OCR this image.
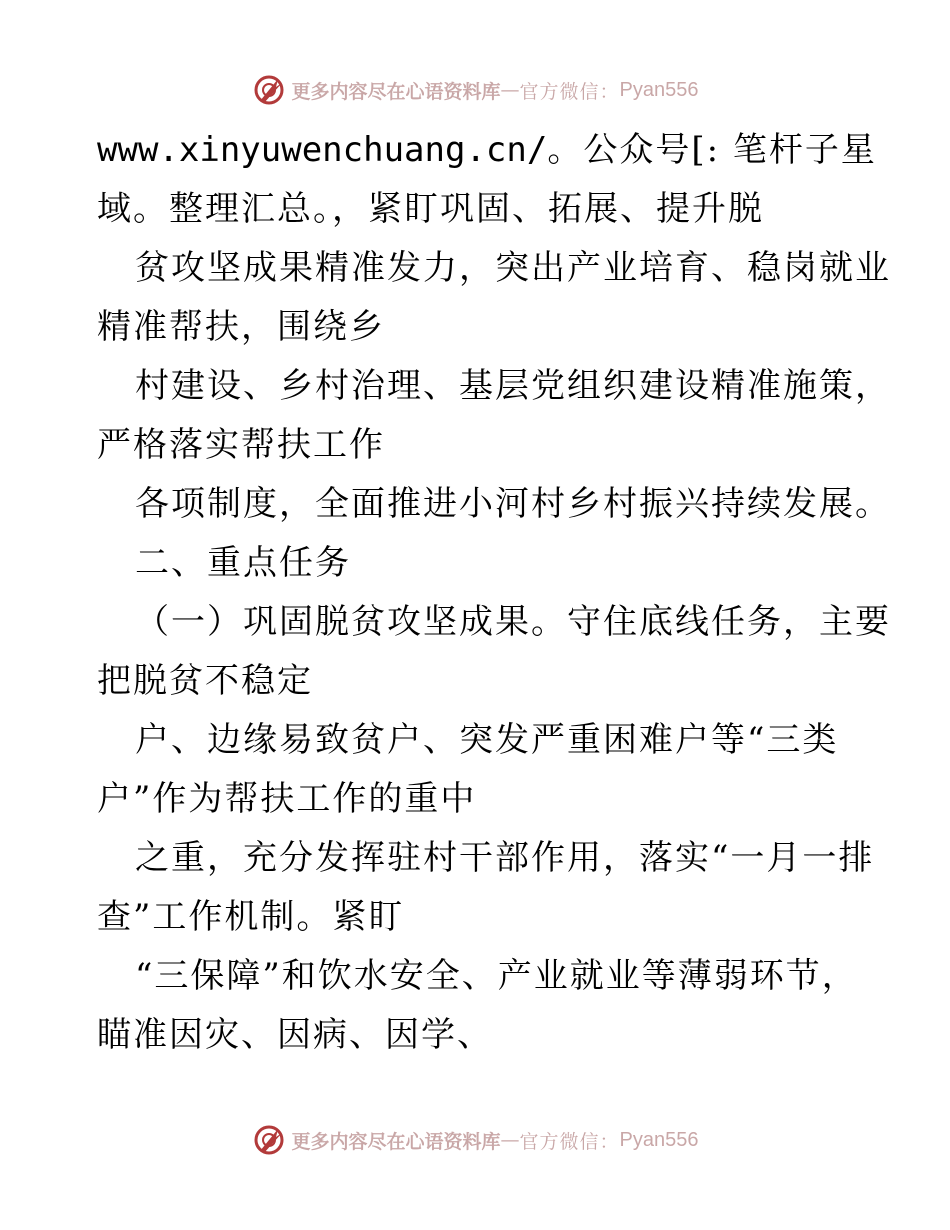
更多内容尽在心语资料库 — 官方微信： Pyan556
www.xinyuwenchuang.cn/。公众号[: 笔杆子星
域。整理汇总。，紧盯巩固、拓展、提升脱
贫攻坚成果精准发力，突出产业培育、稳岗就业
精准帮扶，围绕乡
村建设、乡村治理、基层党组织建设精准施策，
严格落实帮扶工作
各项制度，全面推进小河村乡村振兴持续发展。
二、重点任务
（一）巩固脱贫攻坚成果。守住底线任务，主要
把脱贫不稳定
户、边缘易致贫户、突发严重困难户等“三类
户”作为帮扶工作的重中
之重，充分发挥驻村干部作用，落实“一月一排
查”工作机制。紧盯
“三保障”和饮水安全、产业就业等薄弱环节，
瞄准因灾、因病、因学、
更多内容尽在心语资料库 — 官方微信： Pyan556
